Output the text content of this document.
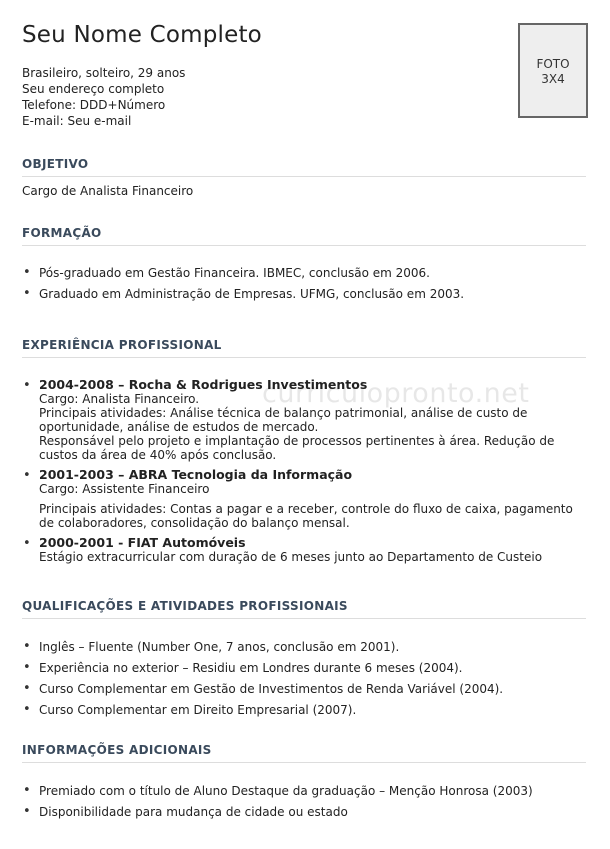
Seu Nome Completo
Brasileiro, solteiro, 29 anos
Seu endereço completo
Telefone: DDD+Número
E-mail: Seu e-mail
FOTO
3X4
OBJETIVO
Cargo de Analista Financeiro
FORMAÇÃO
• Pós-graduado em Gestão Financeira. IBMEC, conclusão em 2006.
• Graduado em Administração de Empresas. UFMG, conclusão em 2003.
EXPERIÊNCIA PROFISSIONAL
curriculopronto.net
• 2004-2008 – Rocha & Rodrigues Investimentos
Cargo: Analista Financeiro.
Principais atividades: Análise técnica de balanço patrimonial, análise de custo de oportunidade, análise de estudos de mercado.
Responsável pelo projeto e implantação de processos pertinentes à área. Redução de custos da área de 40% após conclusão.
• 2001-2003 – ABRA Tecnologia da Informação
Cargo: Assistente Financeiro
Principais atividades: Contas a pagar e a receber, controle do fluxo de caixa, pagamento de colaboradores, consolidação do balanço mensal.
• 2000-2001 - FIAT Automóveis
Estágio extracurricular com duração de 6 meses junto ao Departamento de Custeio
QUALIFICAÇÕES E ATIVIDADES PROFISSIONAIS
• Inglês – Fluente (Number One, 7 anos, conclusão em 2001).
• Experiência no exterior – Residiu em Londres durante 6 meses (2004).
• Curso Complementar em Gestão de Investimentos de Renda Variável (2004).
• Curso Complementar em Direito Empresarial (2007).
INFORMAÇÕES ADICIONAIS
• Premiado com o título de Aluno Destaque da graduação – Menção Honrosa (2003)
• Disponibilidade para mudança de cidade ou estado
